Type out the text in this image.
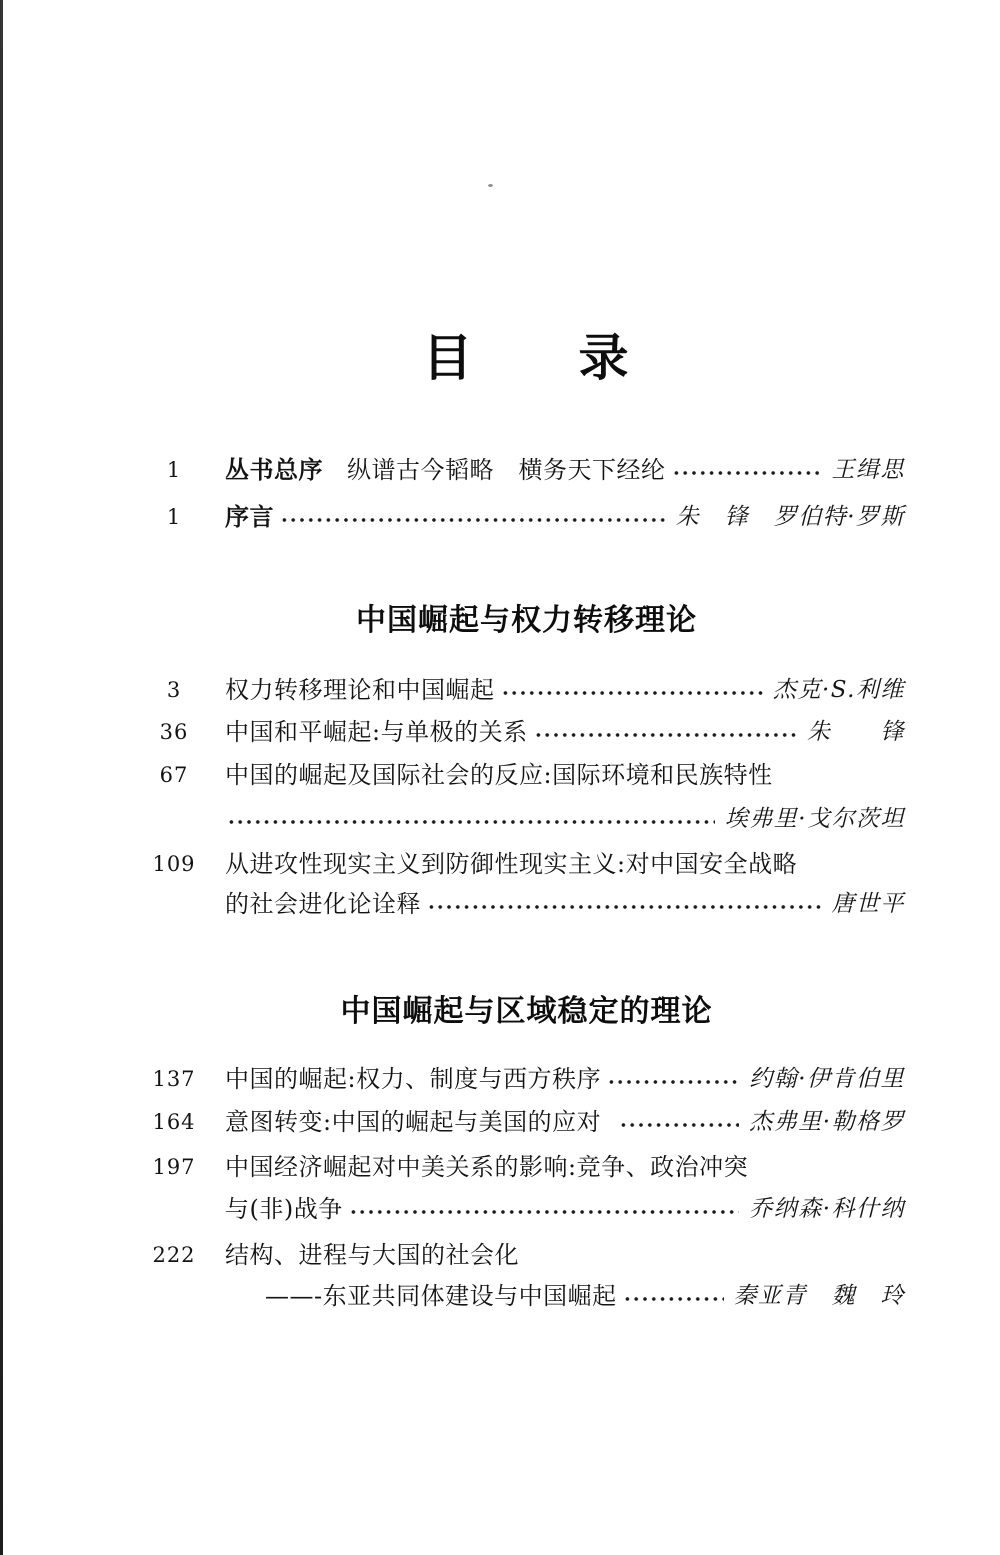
目　　录
1	丛书总序 纵谱古今韬略　横务天下经纶	王缉思
1	序言	朱　锋　罗伯特·罗斯
中国崛起与权力转移理论
3	权力转移理论和中国崛起	杰克·S.利维
36	中国和平崛起:与单极的关系	朱　　锋
67	中国的崛起及国际社会的反应:国际环境和民族特性
埃弗里·戈尔茨坦
109 从进攻性现实主义到防御性现实主义:对中国安全战略
的社会进化论诠释	唐世平
中国崛起与区域稳定的理论
137 中国的崛起:权力、制度与西方秩序	约翰·伊肯伯里
164 意图转变:中国的崛起与美国的应对	杰弗里·勒格罗
197 中国经济崛起对中美关系的影响:竞争、政治冲突
与(非)战争	乔纳森·科什纳
222 结构、进程与大国的社会化
——-东亚共同体建设与中国崛起	秦亚青　魏　玲
